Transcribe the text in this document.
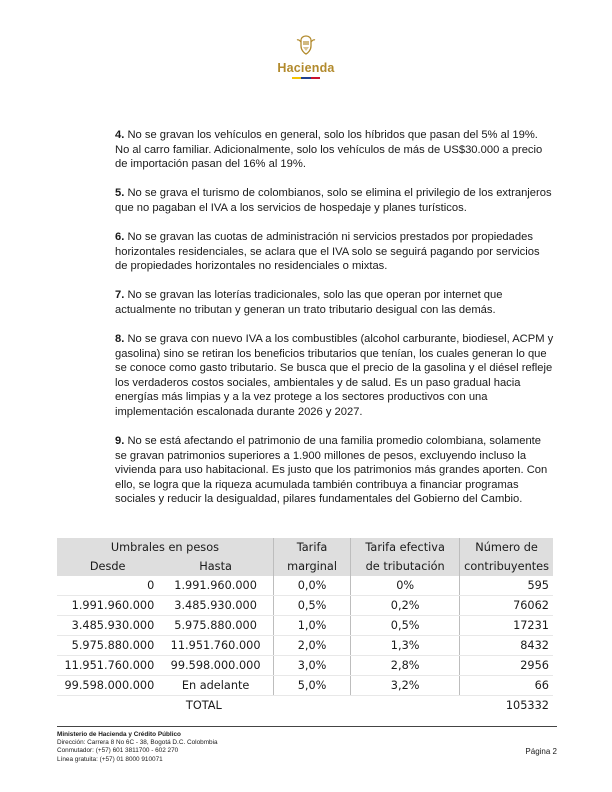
Hacienda

4. No se gravan los vehículos en general, solo los híbridos que pasan del 5% al 19%. No al carro familiar. Adicionalmente, solo los vehículos de más de US$30.000 a precio de importación pasan del 16% al 19%.

5. No se grava el turismo de colombianos, solo se elimina el privilegio de los extranjeros que no pagaban el IVA a los servicios de hospedaje y planes turísticos.

6. No se gravan las cuotas de administración ni servicios prestados por propiedades horizontales residenciales, se aclara que el IVA solo se seguirá pagando por servicios de propiedades horizontales no residenciales o mixtas.

7. No se gravan las loterías tradicionales, solo las que operan por internet que actualmente no tributan y generan un trato tributario desigual con las demás.

8. No se grava con nuevo IVA a los combustibles (alcohol carburante, biodiesel, ACPM y gasolina) sino se retiran los beneficios tributarios que tenían, los cuales generan lo que se conoce como gasto tributario. Se busca que el precio de la gasolina y el diésel refleje los verdaderos costos sociales, ambientales y de salud. Es un paso gradual hacia energías más limpias y a la vez protege a los sectores productivos con una implementación escalonada durante 2026 y 2027.

9. No se está afectando el patrimonio de una familia promedio colombiana, solamente se gravan patrimonios superiores a 1.900 millones de pesos, excluyendo incluso la vivienda para uso habitacional. Es justo que los patrimonios más grandes aporten. Con ello, se logra que la riqueza acumulada también contribuya a financiar programas sociales y reducir la desigualdad, pilares fundamentales del Gobierno del Cambio.

Umbrales en pesos		Tarifa	Tarifa efectiva	Número de
Desde	Hasta	marginal	de tributación	contribuyentes
0	1.991.960.000	0,0%	0%	595
1.991.960.000	3.485.930.000	0,5%	0,2%	76062
3.485.930.000	5.975.880.000	1,0%	0,5%	17231
5.975.880.000	11.951.760.000	2,0%	1,3%	8432
11.951.760.000	99.598.000.000	3,0%	2,8%	2956
99.598.000.000	En adelante	5,0%	3,2%	66
TOTAL				105332
Ministerio de Hacienda y Crédito Público
Dirección: Carrera 8 No 6C - 38, Bogotá D.C. Colobmbia
Conmutador: (+57) 601 3811700 - 602 270
Línea gratuita: (+57) 01 8000 910071
Página 2
